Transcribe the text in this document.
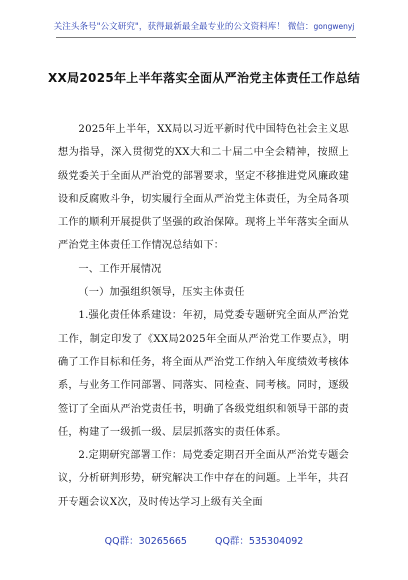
关注头条号"公文研究"，获得最新最全最专业的公文资料库！ 微信：gongwenyj
XX局2025年上半年落实全面从严治党主体责任工作总结

2025年上半年，XX局以习近平新时代中国特色社会主义思想为指导，深入贯彻党的XX大和二十届二中全会精神，按照上级党委关于全面从严治党的部署要求，坚定不移推进党风廉政建设和反腐败斗争，切实履行全面从严治党主体责任，为全局各项工作的顺利开展提供了坚强的政治保障。现将上半年落实全面从严治党主体责任工作情况总结如下：

一、工作开展情况

（一）加强组织领导，压实主体责任

1.强化责任体系建设：年初，局党委专题研究全面从严治党工作，制定印发了《XX局2025年全面从严治党工作要点》，明确了工作目标和任务，将全面从严治党工作纳入年度绩效考核体系，与业务工作同部署、同落实、同检查、同考核。同时，逐级签订了全面从严治党责任书，明确了各级党组织和领导干部的责任，构建了一级抓一级、层层抓落实的责任体系。

2.定期研究部署工作：局党委定期召开全面从严治党专题会议，分析研判形势，研究解决工作中存在的问题。上半年，共召开专题会议X次，及时传达学习上级有关全面

QQ群：30265665	QQ群：535304092
